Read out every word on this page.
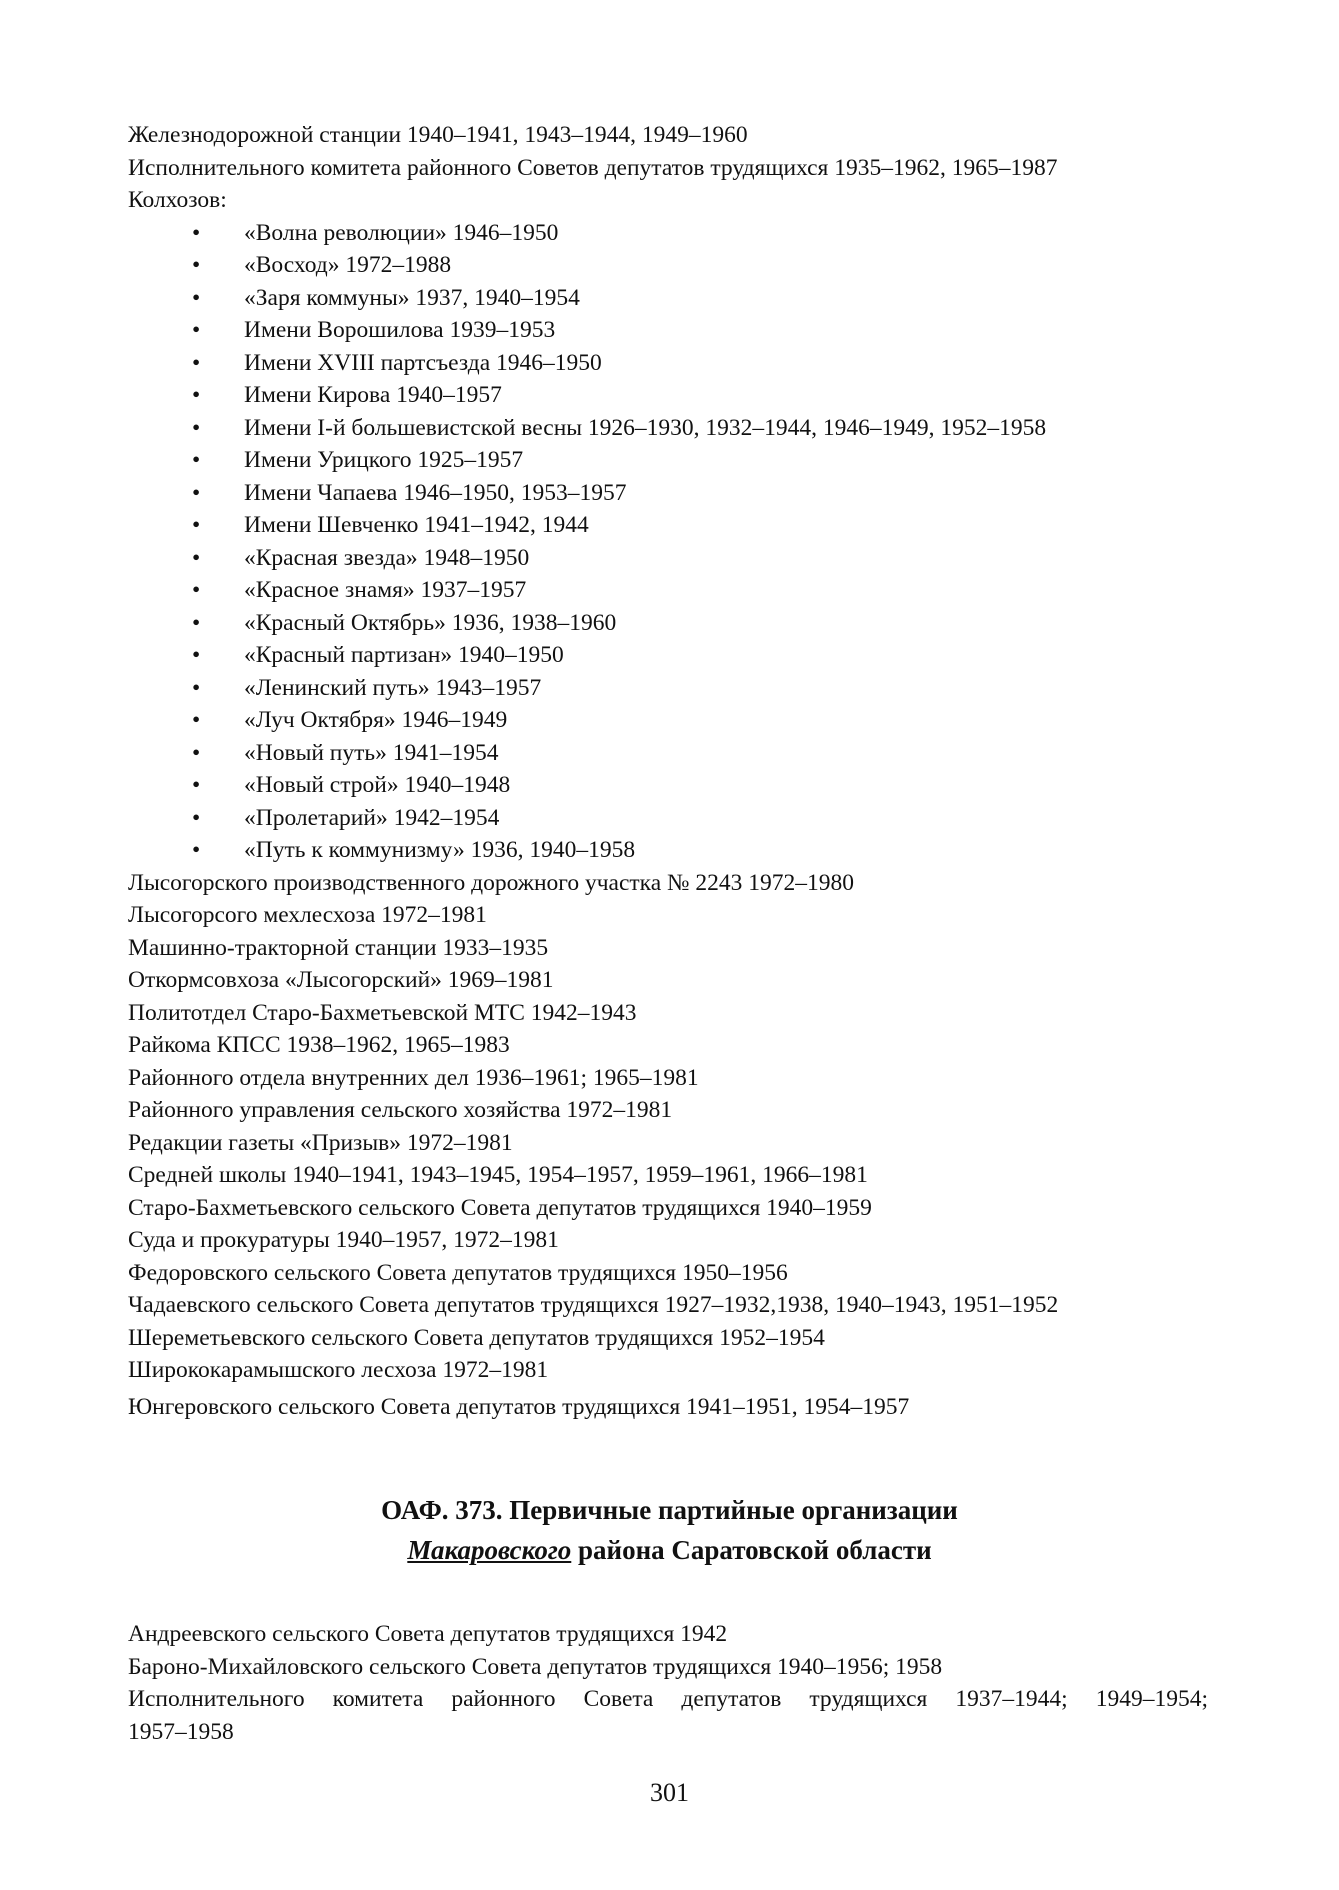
Железнодорожной станции 1940–1941, 1943–1944, 1949–1960
Исполнительного комитета районного Советов депутатов трудящихся 1935–1962, 1965–1987
Колхозов:
• «Волна революции» 1946–1950
• «Восход» 1972–1988
• «Заря коммуны» 1937, 1940–1954
• Имени Ворошилова 1939–1953
• Имени XVIII партсъезда 1946–1950
• Имени Кирова 1940–1957
• Имени I-й большевистской весны 1926–1930, 1932–1944, 1946–1949, 1952–1958
• Имени Урицкого 1925–1957
• Имени Чапаева 1946–1950, 1953–1957
• Имени Шевченко 1941–1942, 1944
• «Красная звезда» 1948–1950
• «Красное знамя» 1937–1957
• «Красный Октябрь» 1936, 1938–1960
• «Красный партизан» 1940–1950
• «Ленинский путь» 1943–1957
• «Луч Октября» 1946–1949
• «Новый путь» 1941–1954
• «Новый строй» 1940–1948
• «Пролетарий» 1942–1954
• «Путь к коммунизму» 1936, 1940–1958
Лысогорского производственного дорожного участка № 2243 1972–1980
Лысогорсого мехлесхоза 1972–1981
Машинно-тракторной станции 1933–1935
Откормсовхоза «Лысогорский» 1969–1981
Политотдел Старо-Бахметьевской МТС 1942–1943
Райкома КПСС 1938–1962, 1965–1983
Районного отдела внутренних дел 1936–1961; 1965–1981
Районного управления сельского хозяйства 1972–1981
Редакции газеты «Призыв» 1972–1981
Средней школы 1940–1941, 1943–1945, 1954–1957, 1959–1961, 1966–1981
Старо-Бахметьевского сельского Совета депутатов трудящихся 1940–1959
Суда и прокуратуры 1940–1957, 1972–1981
Федоровского сельского Совета депутатов трудящихся 1950–1956
Чадаевского сельского Совета депутатов трудящихся 1927–1932,1938, 1940–1943, 1951–1952
Шереметьевского сельского Совета депутатов трудящихся 1952–1954
Ширококарамышского лесхоза 1972–1981
Юнгеровского сельского Совета депутатов трудящихся 1941–1951, 1954–1957
ОАФ. 373. Первичные партийные организации
Макаровского района Саратовской области
Андреевского сельского Совета депутатов трудящихся 1942
Бароно-Михайловского сельского Совета депутатов трудящихся 1940–1956; 1958
Исполнительного комитета районного Совета депутатов трудящихся 1937–1944; 1949–1954;
1957–1958
301
